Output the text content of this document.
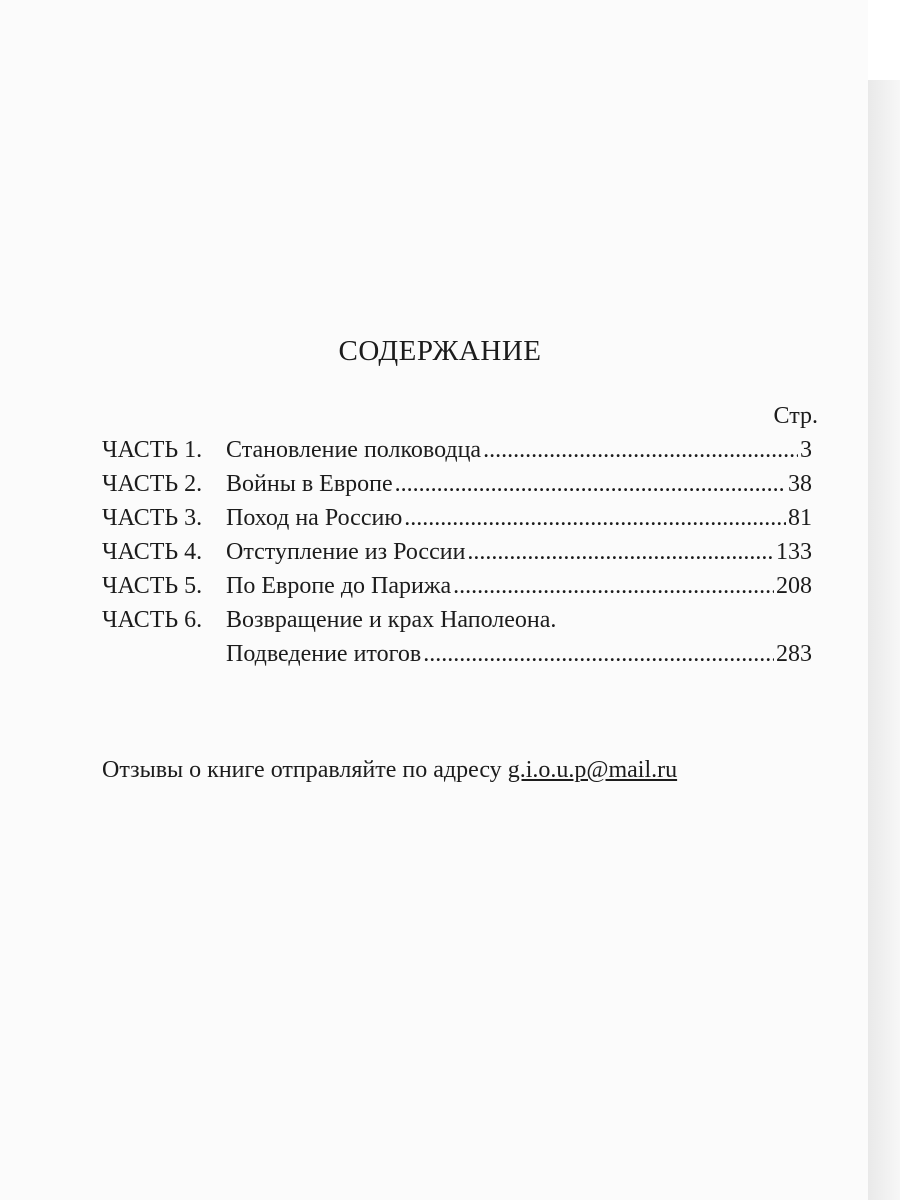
СОДЕРЖАНИЕ
Стр.
ЧАСТЬ 1. Становление полководца . . .	3
ЧАСТЬ 2. Войны в Европе . . .	38
ЧАСТЬ 3. Поход на Россию . . .	81
ЧАСТЬ 4. Отступление из России . . .	133
ЧАСТЬ 5. По Европе до Парижа . . .	208
ЧАСТЬ 6. Возвращение и крах Наполеона.
Подведение итогов . . .	283
Отзывы о книге отправляйте по адресу g.i.o.u.p@mail.ru
